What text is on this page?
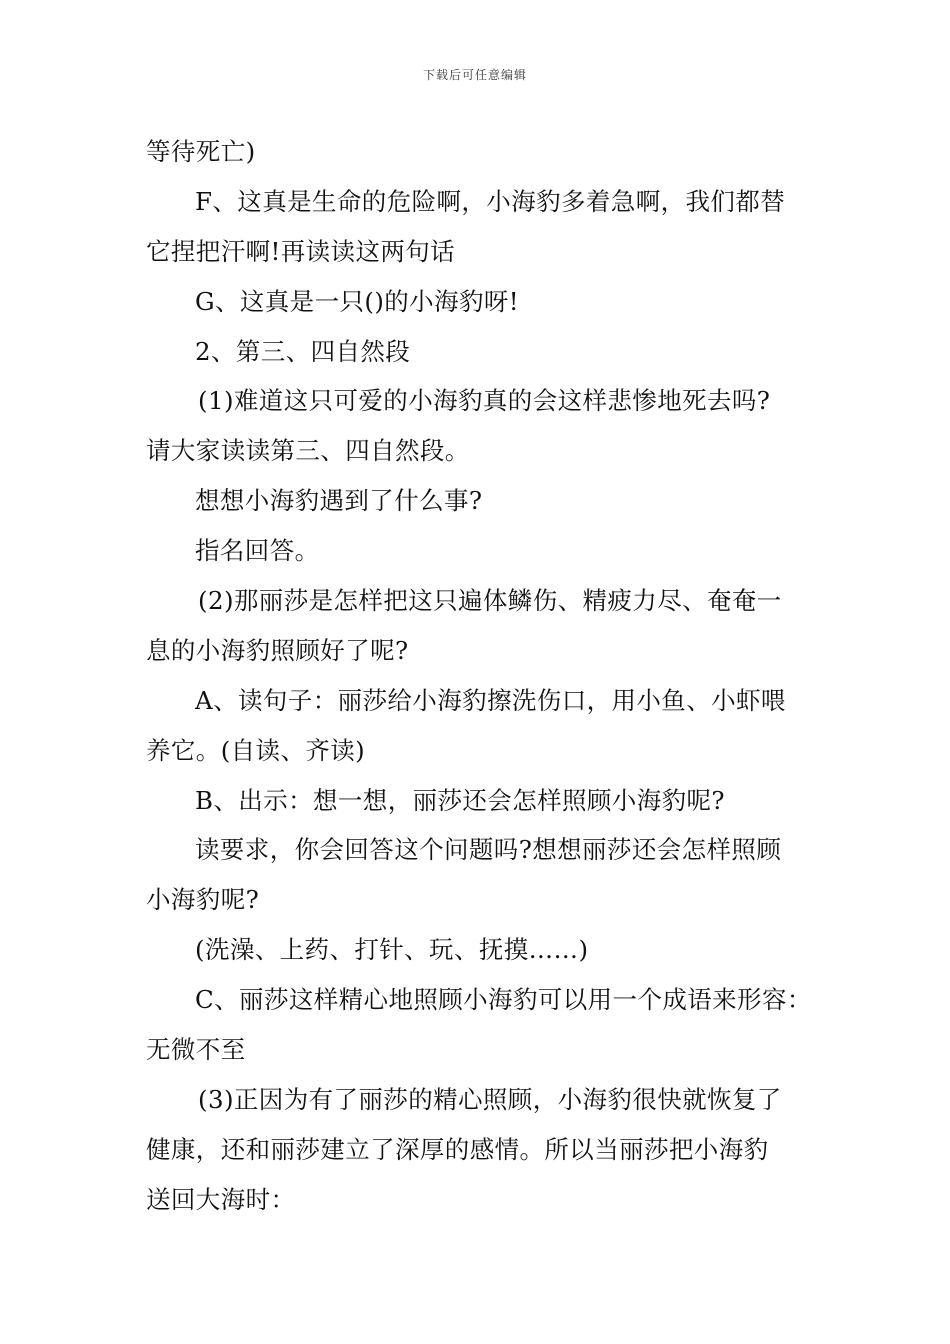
下载后可任意编辑
等待死亡)
F、这真是生命的危险啊，小海豹多着急啊，我们都替
它捏把汗啊!再读读这两句话
G、这真是一只()的小海豹呀!
2、第三、四自然段
(1)难道这只可爱的小海豹真的会这样悲惨地死去吗?
请大家读读第三、四自然段。
想想小海豹遇到了什么事?
指名回答。
(2)那丽莎是怎样把这只遍体鳞伤、精疲力尽、奄奄一
息的小海豹照顾好了呢?
A、读句子：丽莎给小海豹擦洗伤口，用小鱼、小虾喂
养它。(自读、齐读)
B、出示：想一想，丽莎还会怎样照顾小海豹呢?
读要求，你会回答这个问题吗?想想丽莎还会怎样照顾
小海豹呢?
(洗澡、上药、打针、玩、抚摸……)
C、丽莎这样精心地照顾小海豹可以用一个成语来形容：
无微不至
(3)正因为有了丽莎的精心照顾，小海豹很快就恢复了
健康，还和丽莎建立了深厚的感情。所以当丽莎把小海豹
送回大海时：
